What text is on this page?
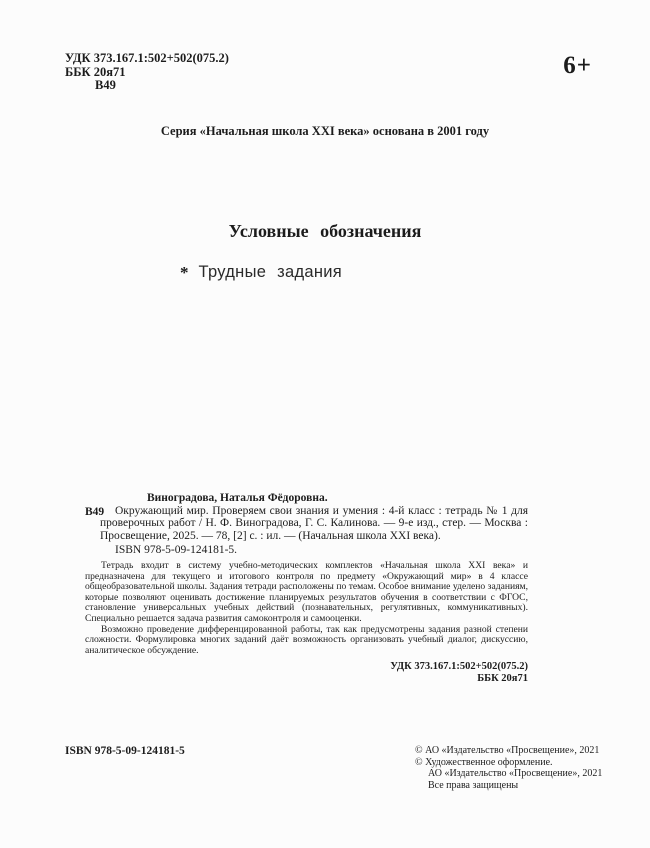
УДК 373.167.1:502+502(075.2)
ББК 20я71
В49
6+
Серия «Начальная школа XXI века» основана в 2001 году
Условные обозначения
* Трудные задания
В49

Виноградова, Наталья Фёдоровна.

Окружающий мир. Проверяем свои знания и умения : 4-й класс : тетрадь № 1 для проверочных работ / Н. Ф. Виноградова, Г. С. Калинова. — 9-е изд., стер. — Москва : Просвещение, 2025. — 78, [2] с. : ил. — (Начальная школа XXI века).

ISBN 978-5-09-124181-5.

Тетрадь входит в систему учебно-методических комплектов «Начальная школа XXI века» и предназначена для текущего и итогового контроля по предмету «Окружающий мир» в 4 классе общеобразовательной школы. Задания тетради расположены по темам. Особое внимание уделено заданиям, которые позволяют оценивать достижение планируемых результатов обучения в соответствии с ФГОС, становление универсальных учебных действий (познавательных, регулятивных, коммуникативных). Специально решается задача развития самоконтроля и самооценки.

Возможно проведение дифференцированной работы, так как предусмотрены задания разной степени сложности. Формулировка многих заданий даёт возможность организовать учебный диалог, дискуссию, аналитическое обсуждение.

УДК 373.167.1:502+502(075.2)
ББК 20я71
ISBN 978-5-09-124181-5	© АО «Издательство «Просвещение», 2021
© Художественное оформление.
АО «Издательство «Просвещение», 2021
Все права защищены
